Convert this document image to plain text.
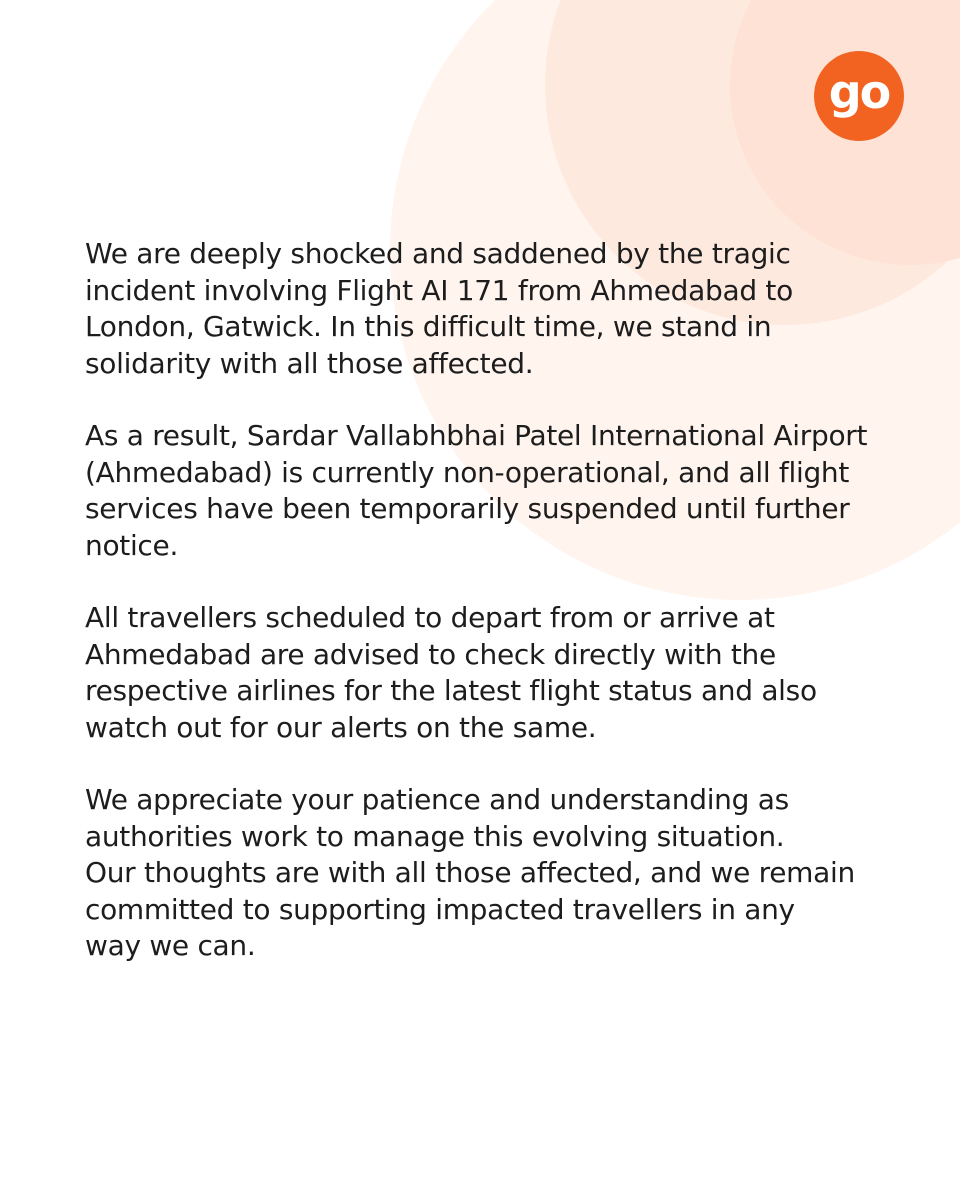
go

We are deeply shocked and saddened by the tragic
incident involving Flight AI 171 from Ahmedabad to
London, Gatwick. In this difficult time, we stand in
solidarity with all those affected.

As a result, Sardar Vallabhbhai Patel International Airport
(Ahmedabad) is currently non-operational, and all flight
services have been temporarily suspended until further
notice.

All travellers scheduled to depart from or arrive at
Ahmedabad are advised to check directly with the
respective airlines for the latest flight status and also
watch out for our alerts on the same.

We appreciate your patience and understanding as
authorities work to manage this evolving situation.
Our thoughts are with all those affected, and we remain
committed to supporting impacted travellers in any
way we can.
